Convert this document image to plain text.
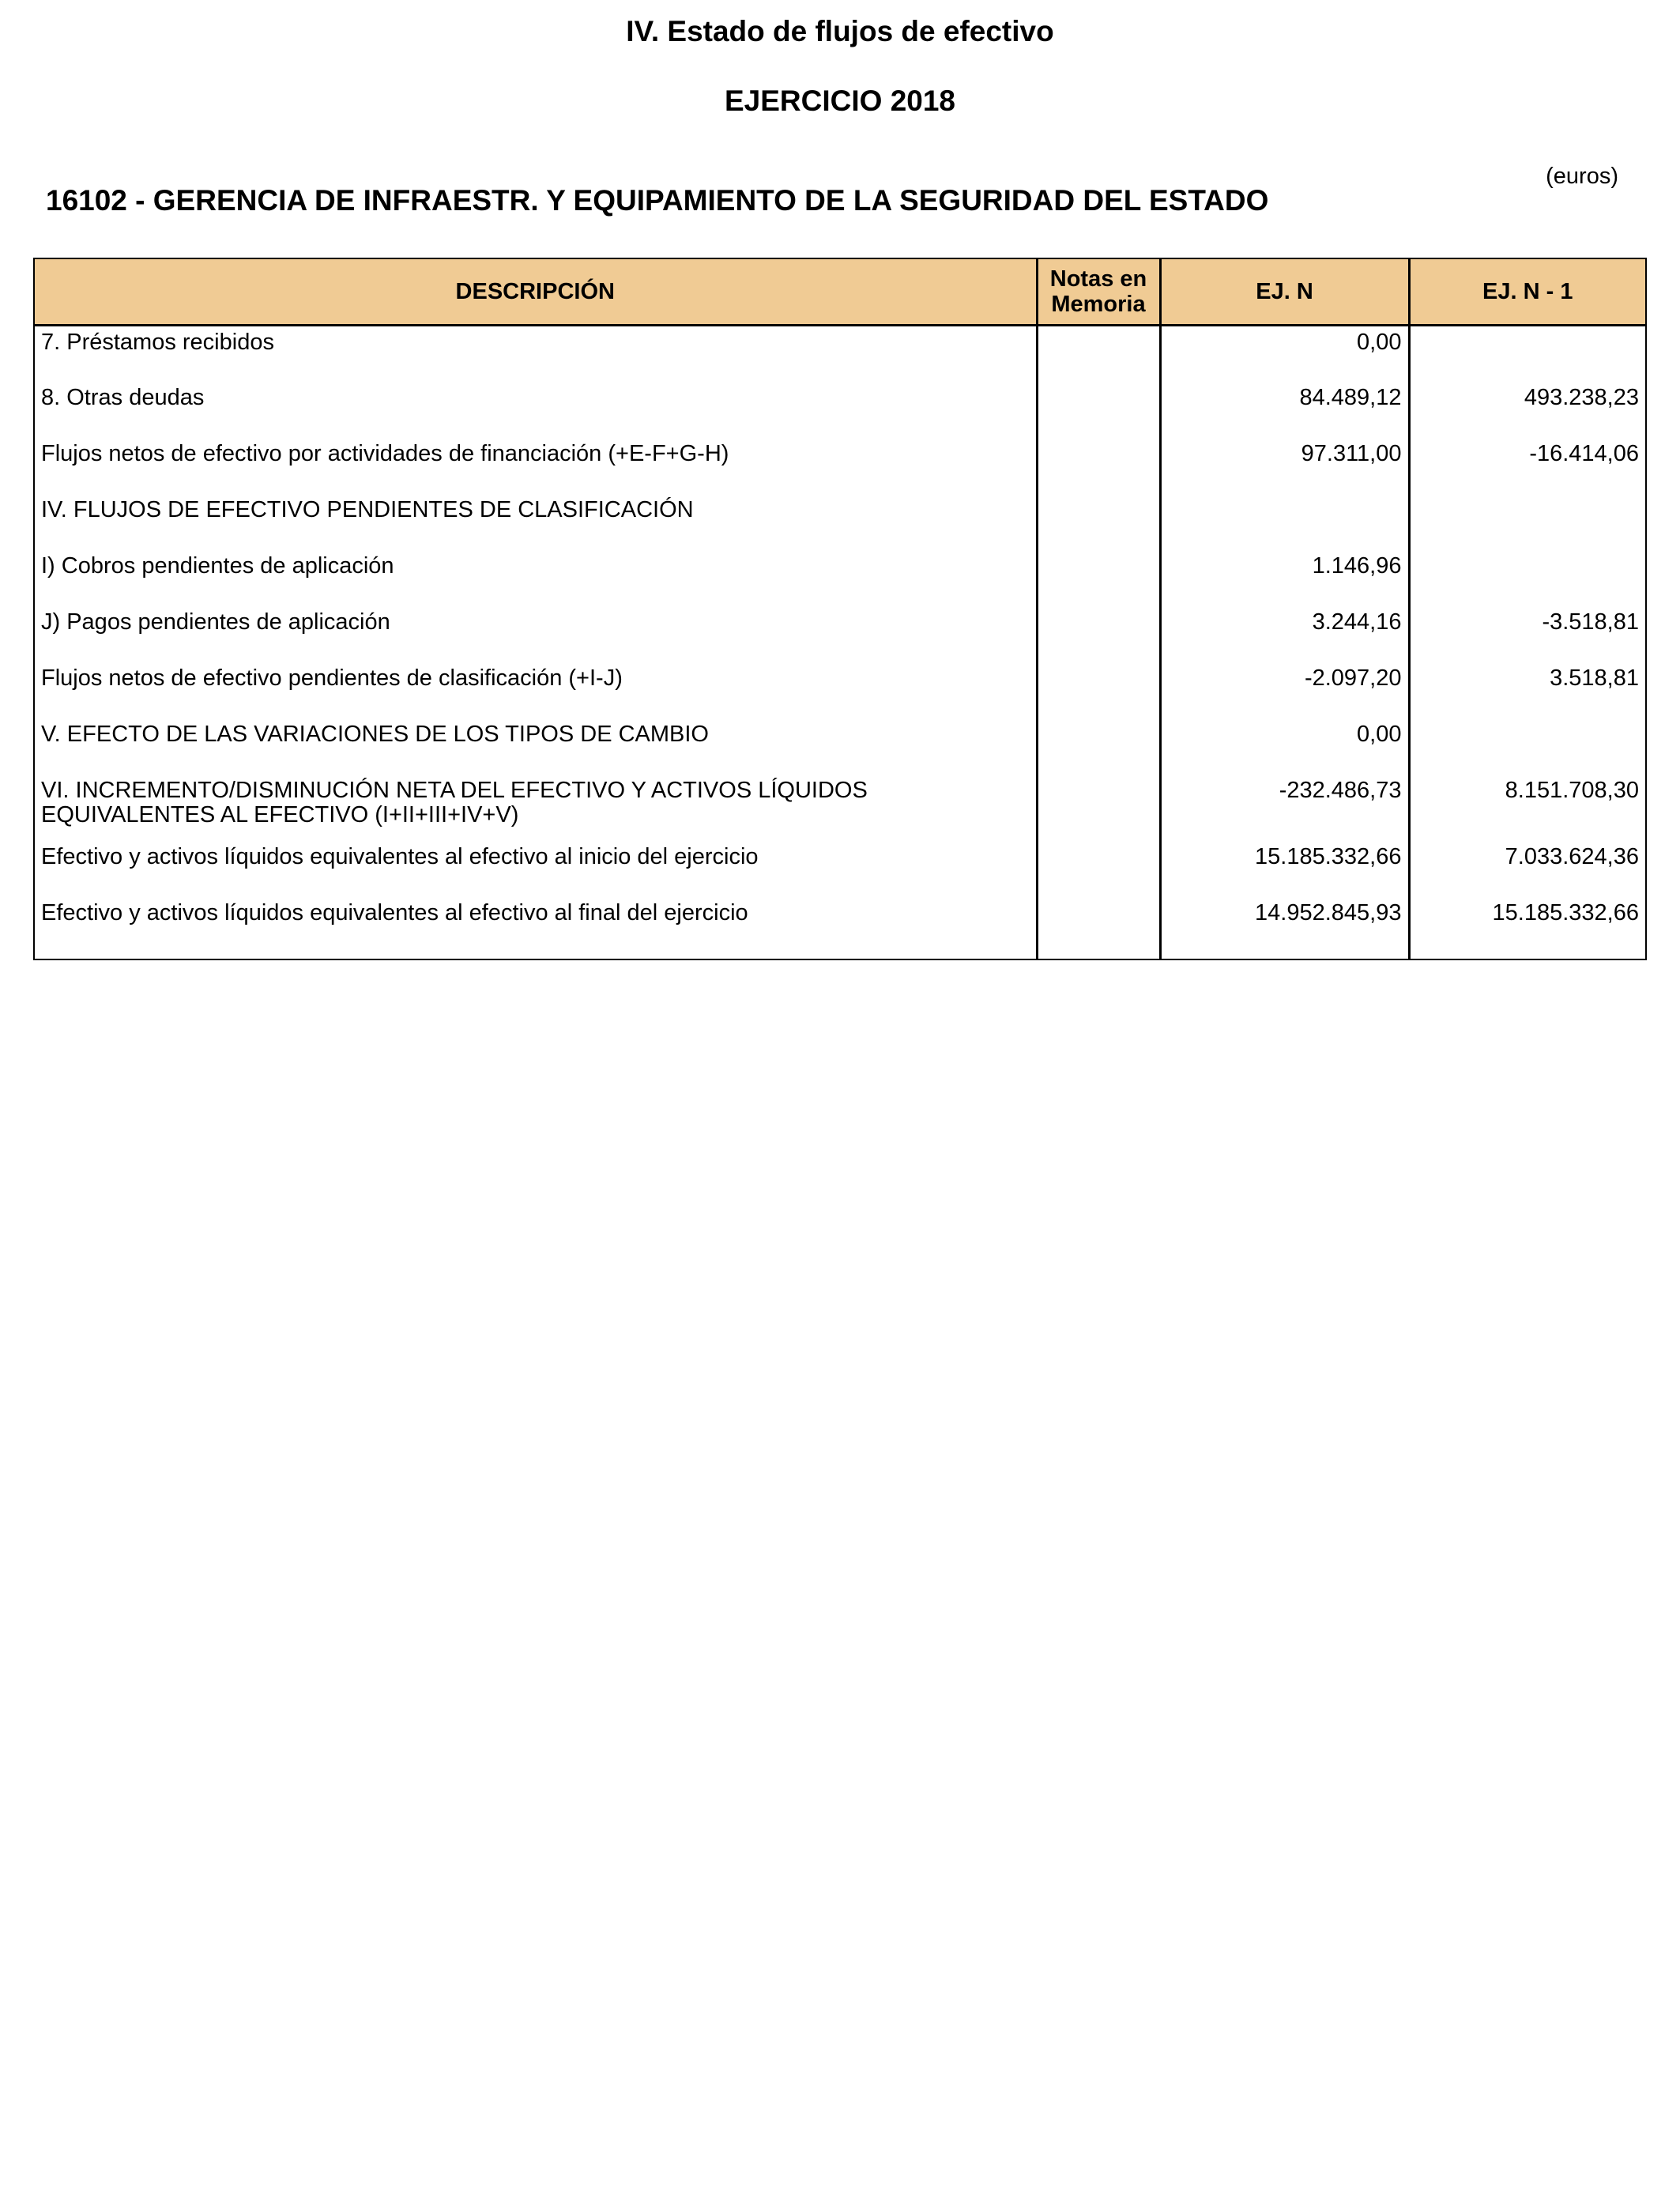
IV. Estado de flujos de efectivo
EJERCICIO 2018
(euros)
16102 - GERENCIA DE INFRAESTR. Y EQUIPAMIENTO DE LA SEGURIDAD DEL ESTADO
DESCRIPCIÓN	Notas en Memoria	EJ. N	EJ. N - 1
7. Préstamos recibidos		0,00	
8. Otras deudas		84.489,12	493.238,23
Flujos netos de efectivo por actividades de financiación (+E-F+G-H)		97.311,00	-16.414,06
IV. FLUJOS DE EFECTIVO PENDIENTES DE CLASIFICACIÓN			
I) Cobros pendientes de aplicación		1.146,96	
J) Pagos pendientes de aplicación		3.244,16	-3.518,81
Flujos netos de efectivo pendientes de clasificación (+I-J)		-2.097,20	3.518,81
V. EFECTO DE LAS VARIACIONES DE LOS TIPOS DE CAMBIO		0,00	
VI. INCREMENTO/DISMINUCIÓN NETA DEL EFECTIVO Y ACTIVOS LÍQUIDOS EQUIVALENTES AL EFECTIVO (I+II+III+IV+V)		-232.486,73	8.151.708,30
Efectivo y activos líquidos equivalentes al efectivo al inicio del ejercicio		15.185.332,66	7.033.624,36
Efectivo y activos líquidos equivalentes al efectivo al final del ejercicio		14.952.845,93	15.185.332,66
